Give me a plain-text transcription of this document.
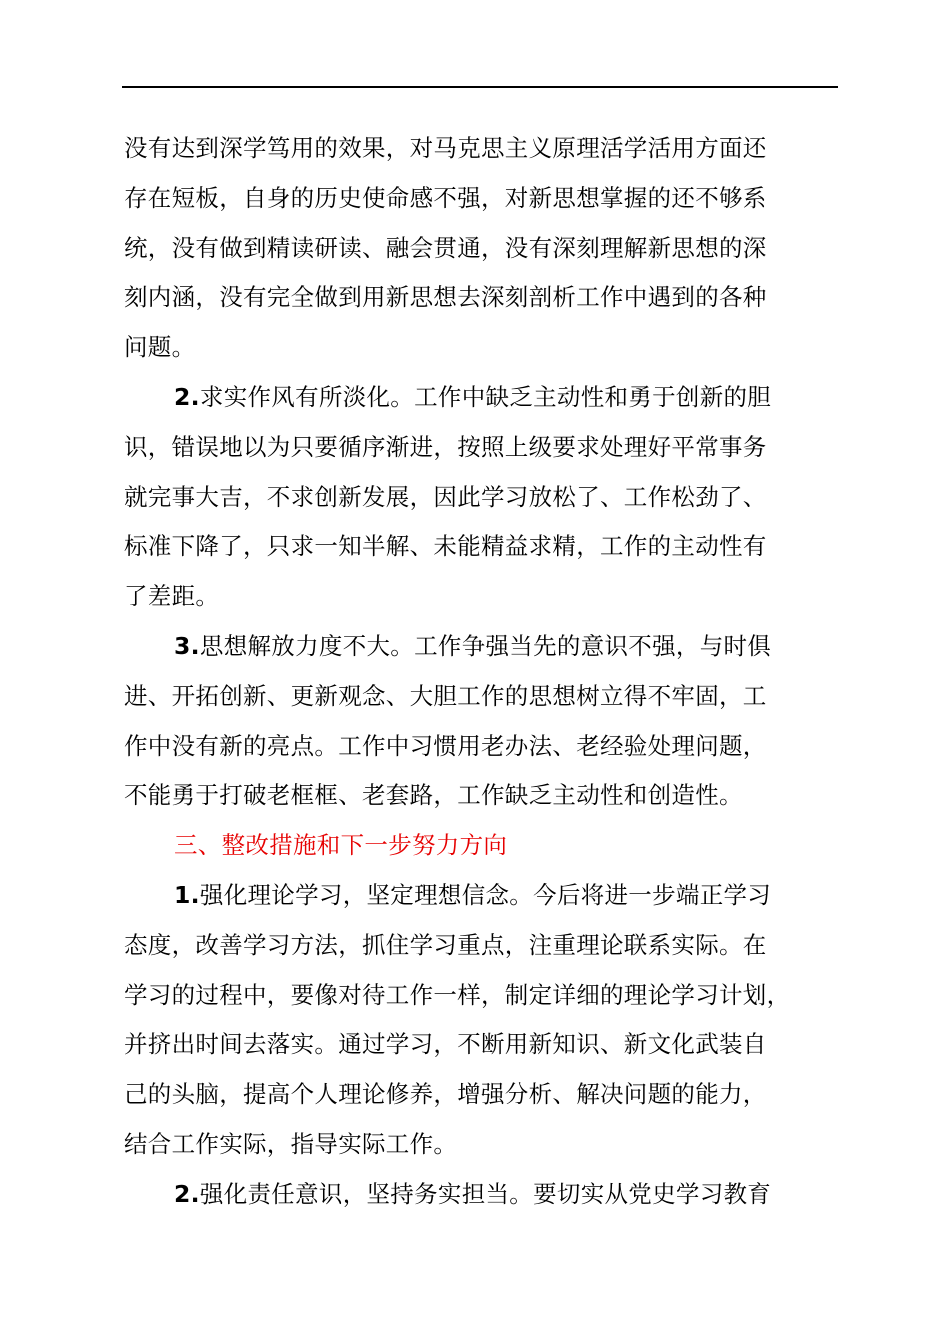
没有达到深学笃用的效果，对马克思主义原理活学活用方面还
存在短板，自身的历史使命感不强，对新思想掌握的还不够系
统，没有做到精读研读、融会贯通，没有深刻理解新思想的深
刻内涵，没有完全做到用新思想去深刻剖析工作中遇到的各种
问题。
2.求实作风有所淡化。工作中缺乏主动性和勇于创新的胆
识，错误地以为只要循序渐进，按照上级要求处理好平常事务
就完事大吉，不求创新发展，因此学习放松了、工作松劲了、
标准下降了，只求一知半解、未能精益求精，工作的主动性有
了差距。
3.思想解放力度不大。工作争强当先的意识不强，与时俱
进、开拓创新、更新观念、大胆工作的思想树立得不牢固，工
作中没有新的亮点。工作中习惯用老办法、老经验处理问题，
不能勇于打破老框框、老套路，工作缺乏主动性和创造性。
三、整改措施和下一步努力方向
1.强化理论学习，坚定理想信念。今后将进一步端正学习
态度，改善学习方法，抓住学习重点，注重理论联系实际。在
学习的过程中，要像对待工作一样，制定详细的理论学习计划，
并挤出时间去落实。通过学习，不断用新知识、新文化武装自
己的头脑，提高个人理论修养，增强分析、解决问题的能力，
结合工作实际，指导实际工作。
2.强化责任意识，坚持务实担当。要切实从党史学习教育
